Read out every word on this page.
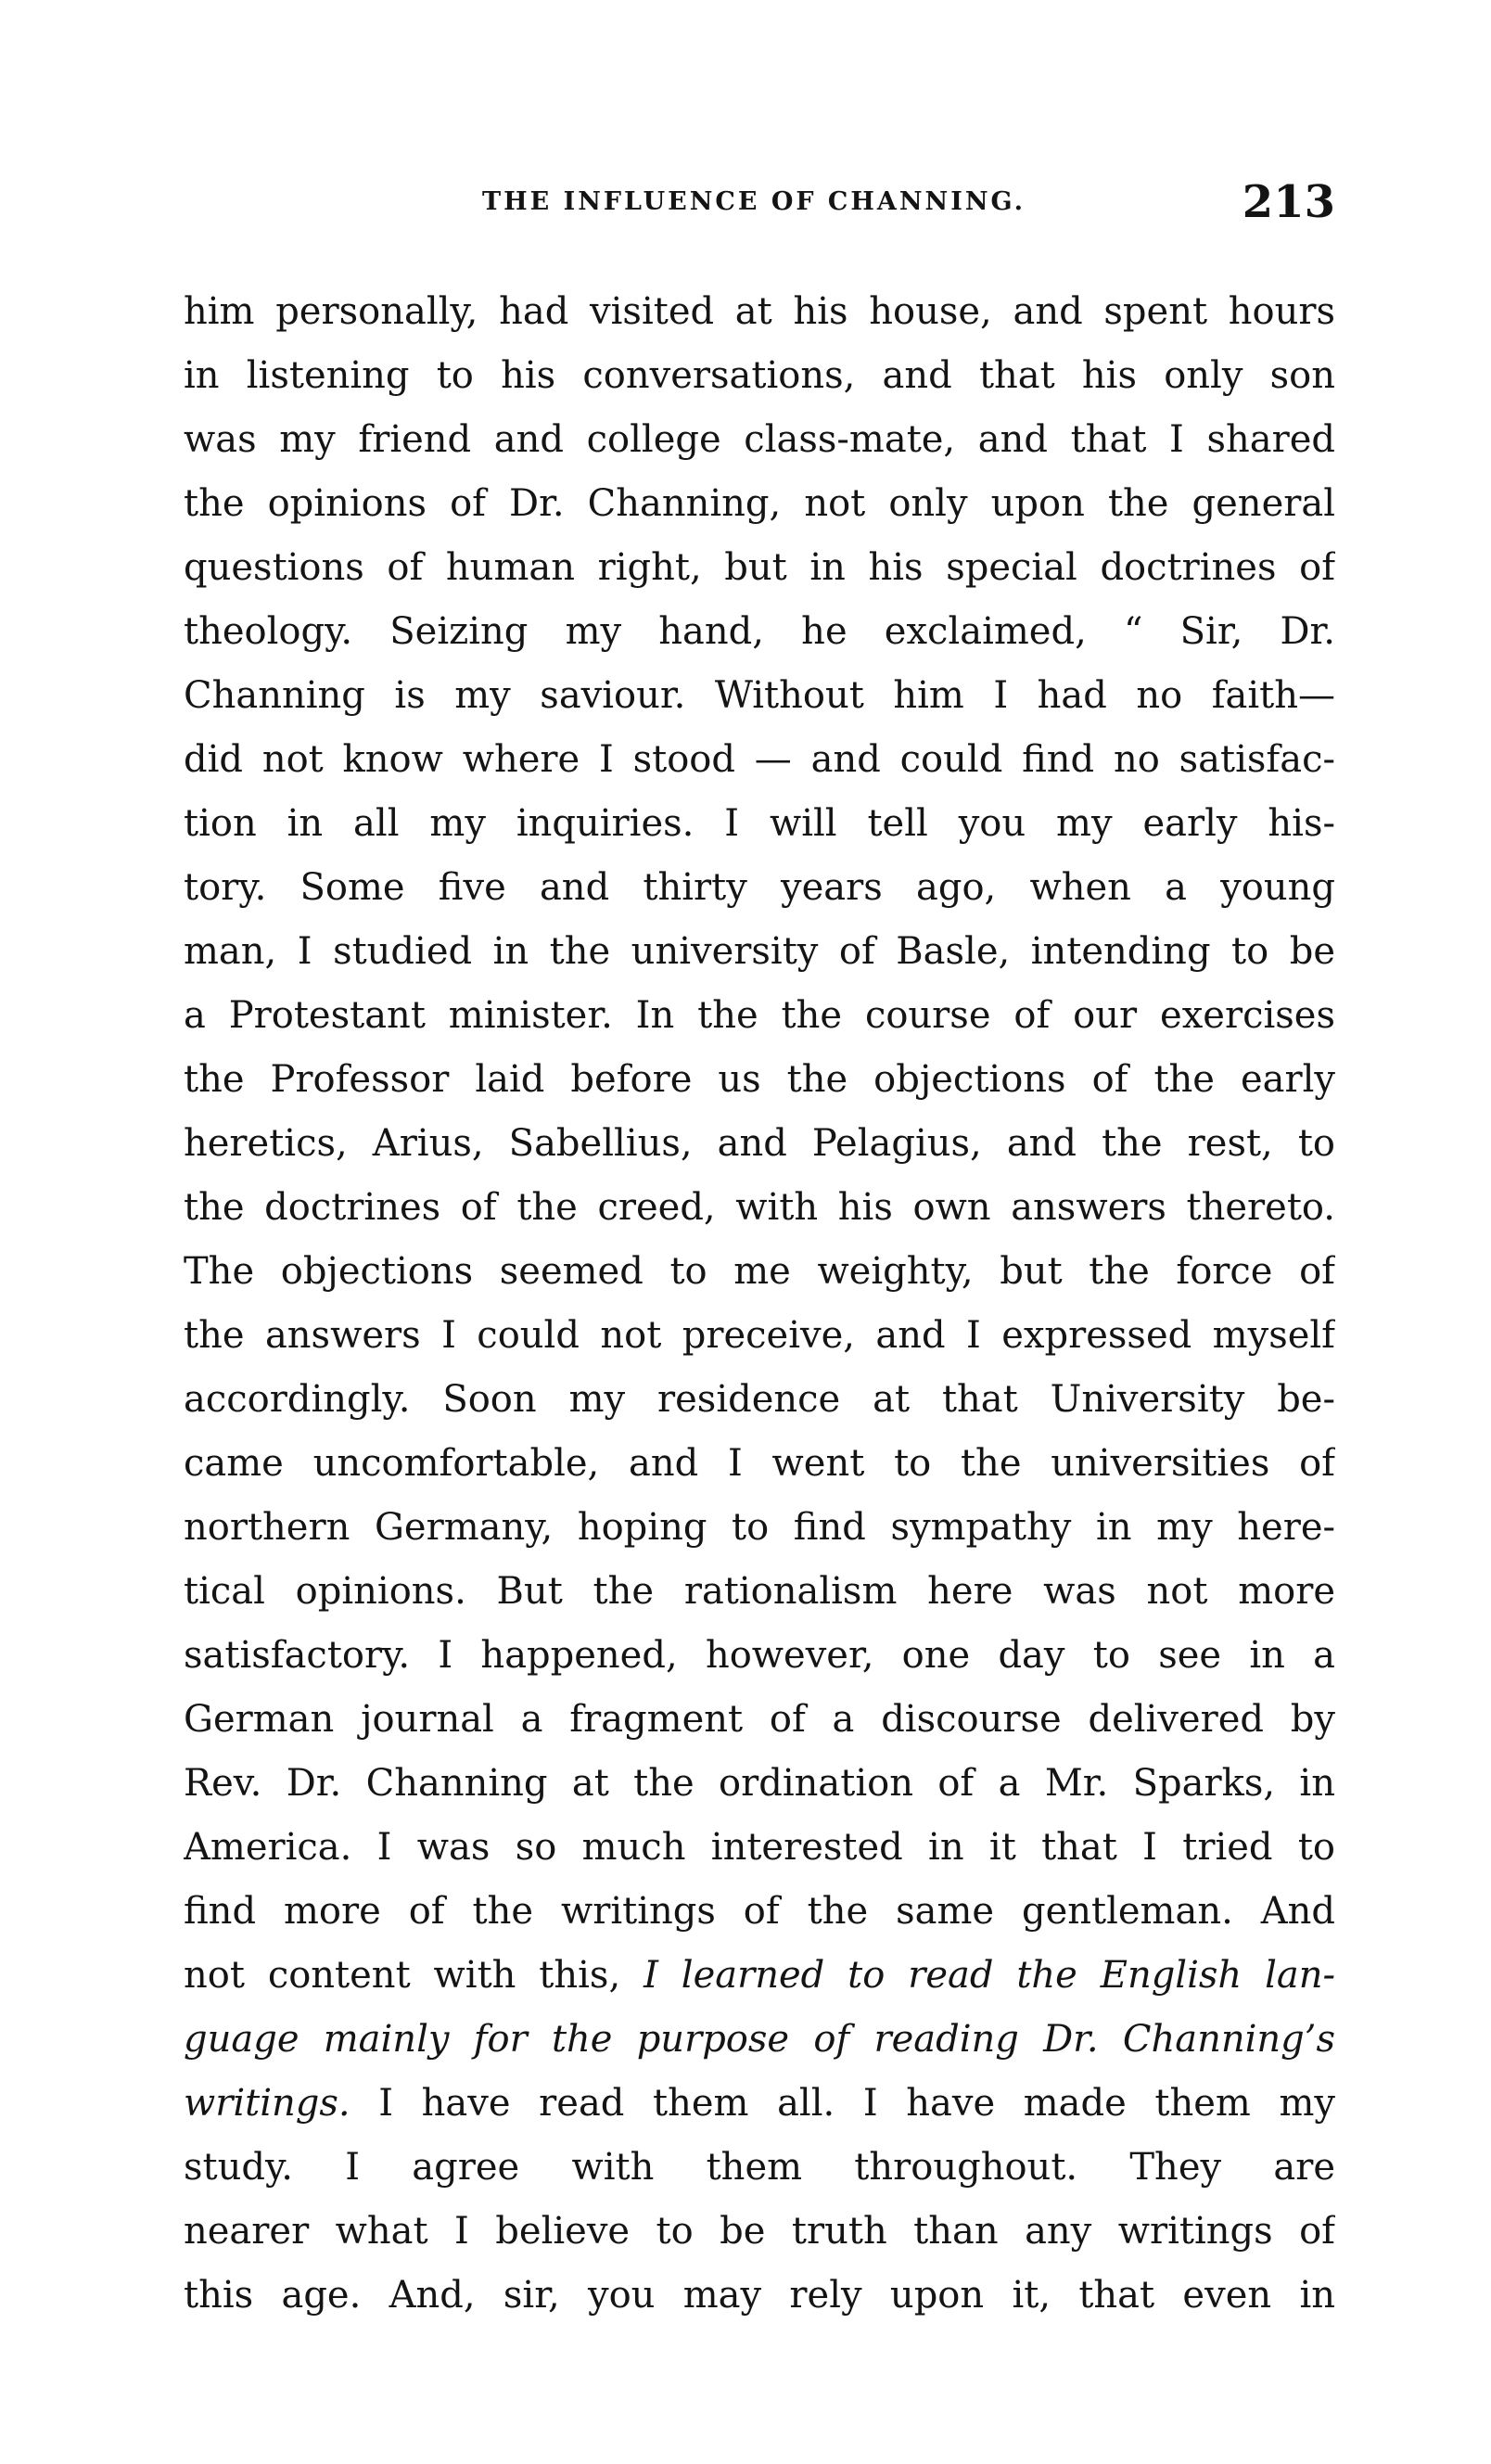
THE INFLUENCE OF CHANNING.	213
him personally, had visited at his house, and spent hours
in listening to his conversations, and that his only son
was my friend and college class-mate, and that I shared
the opinions of Dr. Channing, not only upon the general
questions of human right, but in his special doctrines of
theology. Seizing my hand, he exclaimed, “ Sir, Dr.
Channing is my saviour. Without him I had no faith—
did not know where I stood — and could find no satisfac-
tion in all my inquiries. I will tell you my early his-
tory. Some five and thirty years ago, when a young
man, I studied in the university of Basle, intending to be
a Protestant minister. In the the course of our exercises
the Professor laid before us the objections of the early
heretics, Arius, Sabellius, and Pelagius, and the rest, to
the doctrines of the creed, with his own answers thereto.
The objections seemed to me weighty, but the force of
the answers I could not preceive, and I expressed myself
accordingly. Soon my residence at that University be-
came uncomfortable, and I went to the universities of
northern Germany, hoping to find sympathy in my here-
tical opinions. But the rationalism here was not more
satisfactory. I happened, however, one day to see in a
German journal a fragment of a discourse delivered by
Rev. Dr. Channing at the ordination of a Mr. Sparks, in
America. I was so much interested in it that I tried to
find more of the writings of the same gentleman. And
not content with this, I learned to read the English lan-
guage mainly for the purpose of reading Dr. Channing’s
writings. I have read them all. I have made them my
study. I agree with them throughout. They are
nearer what I believe to be truth than any writings of
this age. And, sir, you may rely upon it, that even in
